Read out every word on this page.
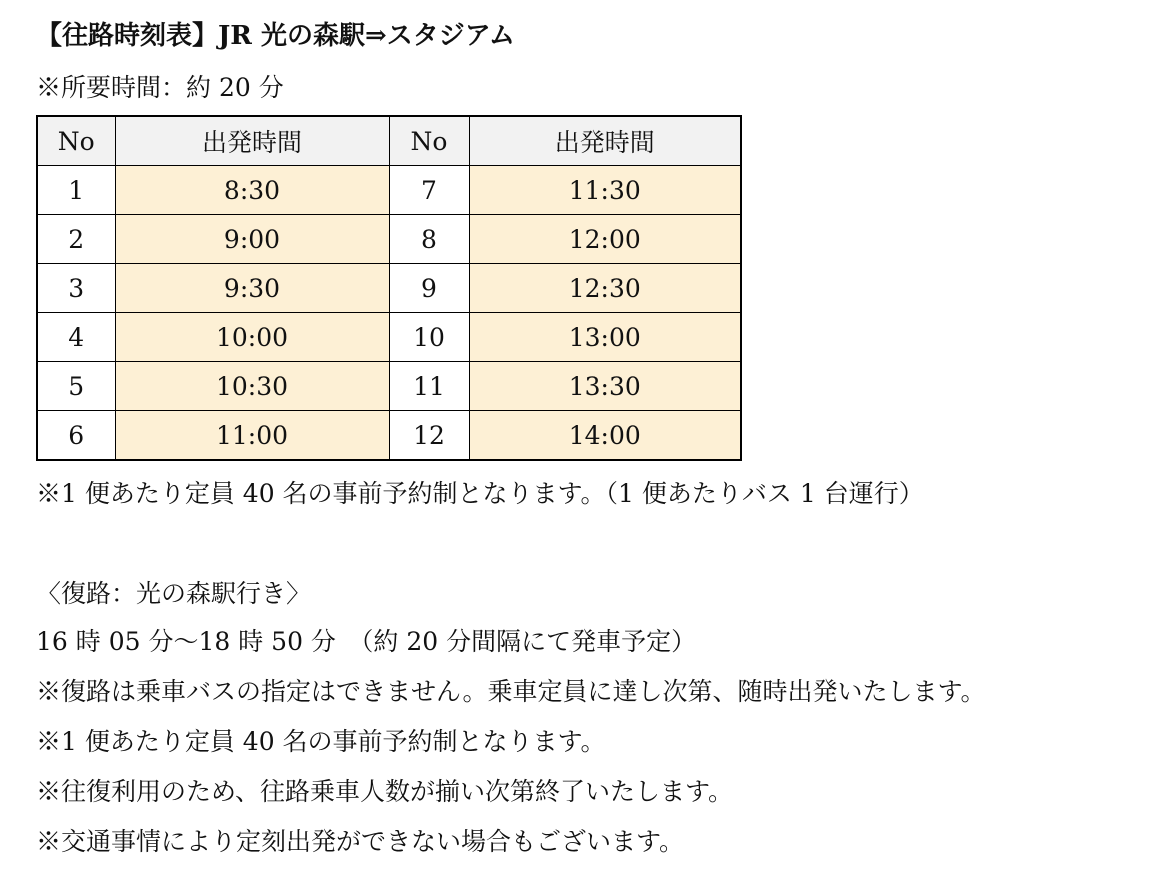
【往路時刻表】JR 光の森駅⇒スタジアム
※所要時間：約 20 分
No	出発時間	No	出発時間
1	8:30	7	11:30
2	9:00	8	12:00
3	9:30	9	12:30
4	10:00	10	13:00
5	10:30	11	13:30
6	11:00	12	14:00
※1 便あたり定員 40 名の事前予約制となります。（1 便あたりバス 1 台運行）
〈復路：光の森駅行き〉
16 時 05 分～18 時 50 分　（約 20 分間隔にて発車予定）
※復路は乗車バスの指定はできません。乗車定員に達し次第、随時出発いたします。
※1 便あたり定員 40 名の事前予約制となります。
※往復利用のため、往路乗車人数が揃い次第終了いたします。
※交通事情により定刻出発ができない場合もございます。
